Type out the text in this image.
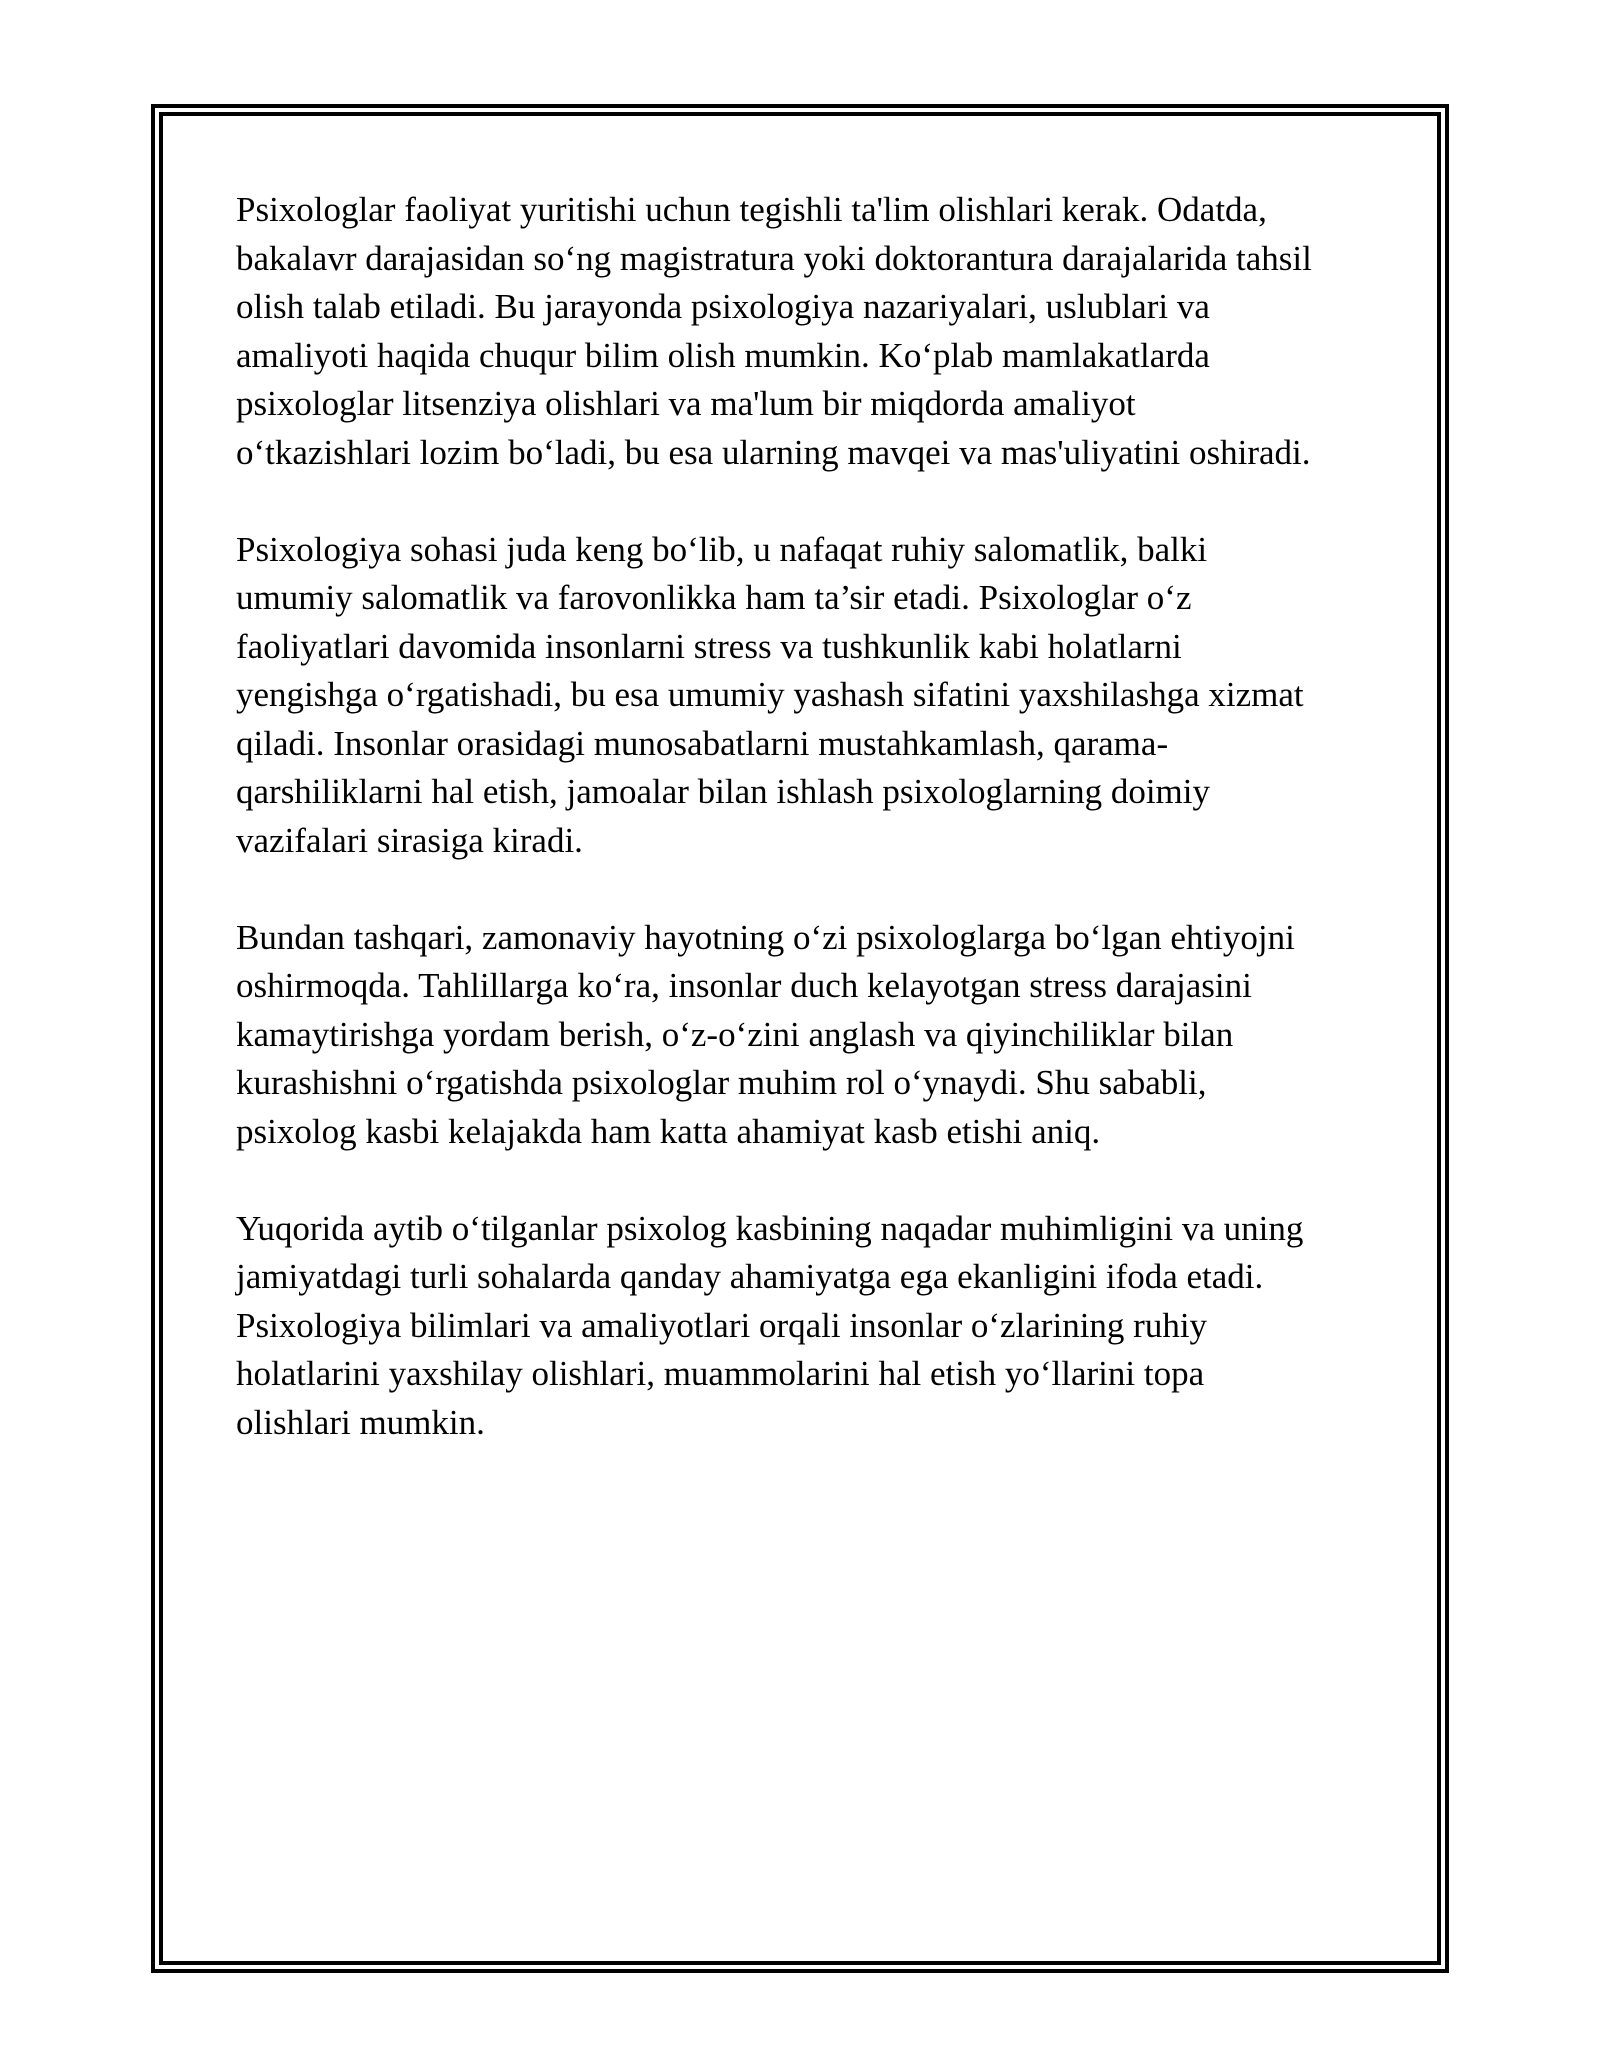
Psixologlar faoliyat yuritishi uchun tegishli ta'lim olishlari kerak. Odatda,
bakalavr darajasidan so‘ng magistratura yoki doktorantura darajalarida tahsil
olish talab etiladi. Bu jarayonda psixologiya nazariyalari, uslublari va
amaliyoti haqida chuqur bilim olish mumkin. Ko‘plab mamlakatlarda
psixologlar litsenziya olishlari va ma'lum bir miqdorda amaliyot
o‘tkazishlari lozim bo‘ladi, bu esa ularning mavqei va mas'uliyatini oshiradi.

Psixologiya sohasi juda keng bo‘lib, u nafaqat ruhiy salomatlik, balki
umumiy salomatlik va farovonlikka ham ta’sir etadi. Psixologlar o‘z
faoliyatlari davomida insonlarni stress va tushkunlik kabi holatlarni
yengishga o‘rgatishadi, bu esa umumiy yashash sifatini yaxshilashga xizmat
qiladi. Insonlar orasidagi munosabatlarni mustahkamlash, qarama-
qarshiliklarni hal etish, jamoalar bilan ishlash psixologlarning doimiy
vazifalari sirasiga kiradi.

Bundan tashqari, zamonaviy hayotning o‘zi psixologlarga bo‘lgan ehtiyojni
oshirmoqda. Tahlillarga ko‘ra, insonlar duch kelayotgan stress darajasini
kamaytirishga yordam berish, o‘z-o‘zini anglash va qiyinchiliklar bilan
kurashishni o‘rgatishda psixologlar muhim rol o‘ynaydi. Shu sababli,
psixolog kasbi kelajakda ham katta ahamiyat kasb etishi aniq.

Yuqorida aytib o‘tilganlar psixolog kasbining naqadar muhimligini va uning
jamiyatdagi turli sohalarda qanday ahamiyatga ega ekanligini ifoda etadi.
Psixologiya bilimlari va amaliyotlari orqali insonlar o‘zlarining ruhiy
holatlarini yaxshilay olishlari, muammolarini hal etish yo‘llarini topa
olishlari mumkin.
